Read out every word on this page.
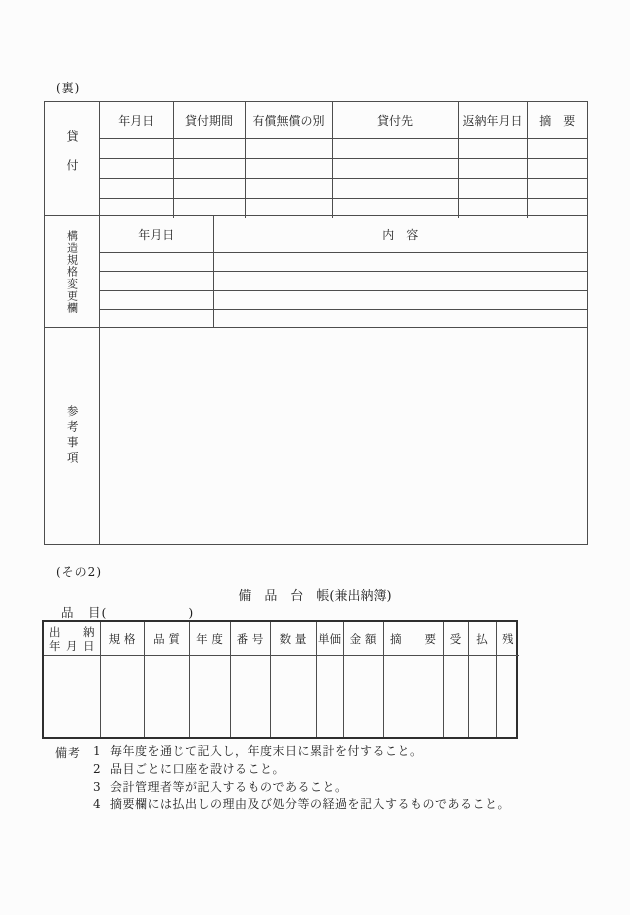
(裏)
貸付
年月日	貸付期間	有償無償の別	貸付先	返納年月日	摘　要

構造規格変更欄	年月日	内　容

参考事項
(その2)
備　品　台　帳(兼出納簿)
品　目(　　　　　　)
出　納
年 月 日	規 格	品 質	年 度	番 号	数 量	単価	金 額	摘　　要	受	払	残

備考 1 毎年度を通じて記入し，年度末日に累計を付すること。
2 品目ごとに口座を設けること。
3 会計管理者等が記入するものであること。
4 摘要欄には払出しの理由及び処分等の経過を記入するものであること。
